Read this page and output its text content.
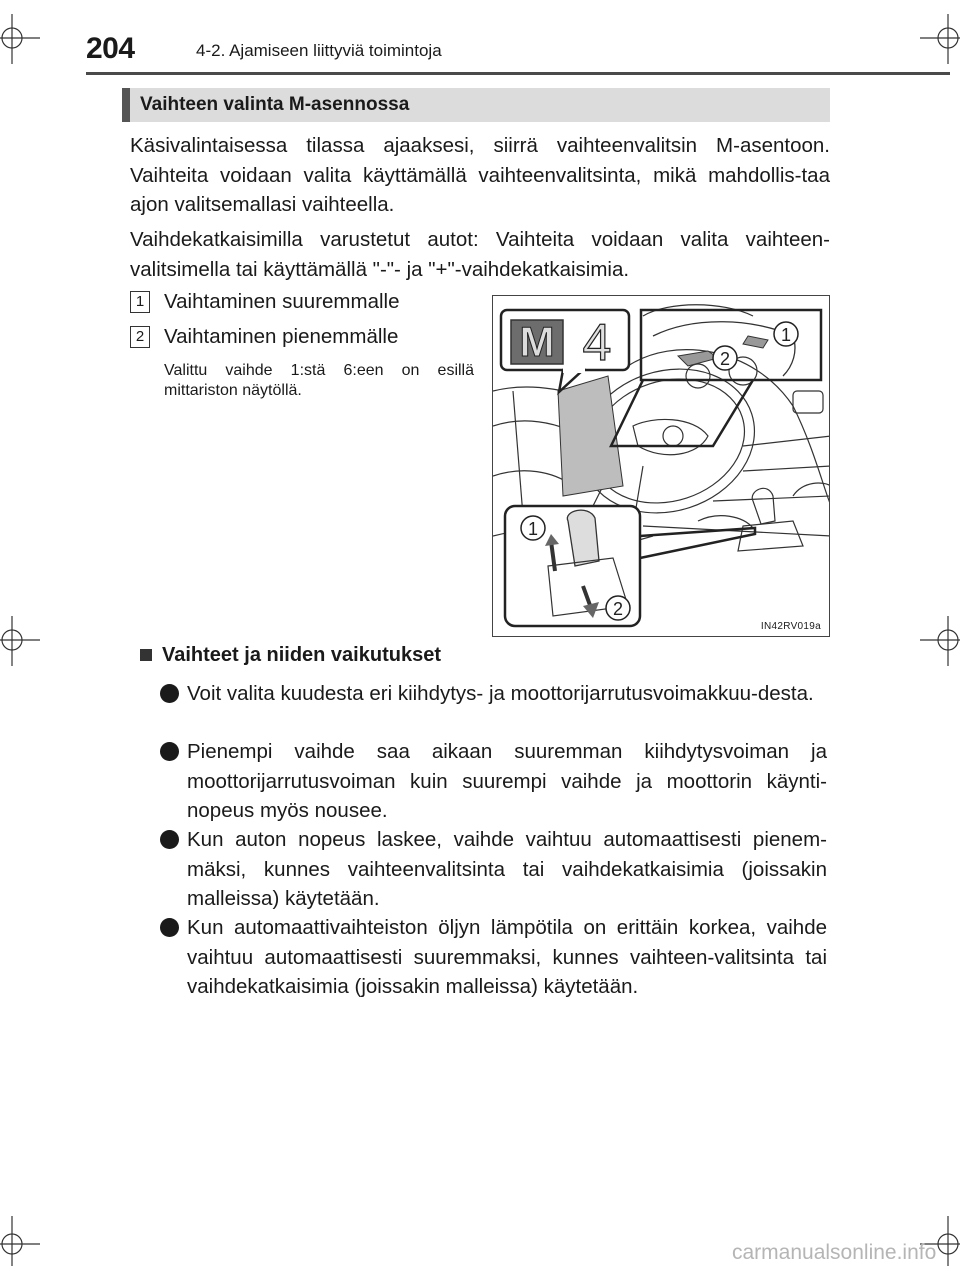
204	4-2. Ajamiseen liittyviä toimintoja
Vaihteen valinta M-asennossa
Käsivalintaisessa tilassa ajaaksesi, siirrä vaihteenvalitsin M-asentoon. Vaihteita voidaan valita käyttämällä vaihteenvalitsinta, mikä mahdollis-taa ajon valitsemallasi vaihteella.
Vaihdekatkaisimilla varustetut autot: Vaihteita voidaan valita vaihteen-valitsimella tai käyttämällä "-"- ja "+"-vaihdekatkaisimia.
1 Vaihtaminen suuremmalle
2 Vaihtaminen pienemmälle
Valittu vaihde 1:stä 6:een on esillä mittariston näytöllä.
M 4	1
2
1
2
IN42RV019a
Vaihteet ja niiden vaikutukset
Voit valita kuudesta eri kiihdytys- ja moottorijarrutusvoimakkuu-desta.
Pienempi vaihde saa aikaan suuremman kiihdytysvoiman ja moottorijarrutusvoiman kuin suurempi vaihde ja moottorin käynti-nopeus myös nousee.
Kun auton nopeus laskee, vaihde vaihtuu automaattisesti pienem-mäksi, kunnes vaihteenvalitsinta tai vaihdekatkaisimia (joissakin malleissa) käytetään.
Kun automaattivaihteiston öljyn lämpötila on erittäin korkea, vaihde vaihtuu automaattisesti suuremmaksi, kunnes vaihteen-valitsinta tai vaihdekatkaisimia (joissakin malleissa) käytetään.
carmanualsonline.info
